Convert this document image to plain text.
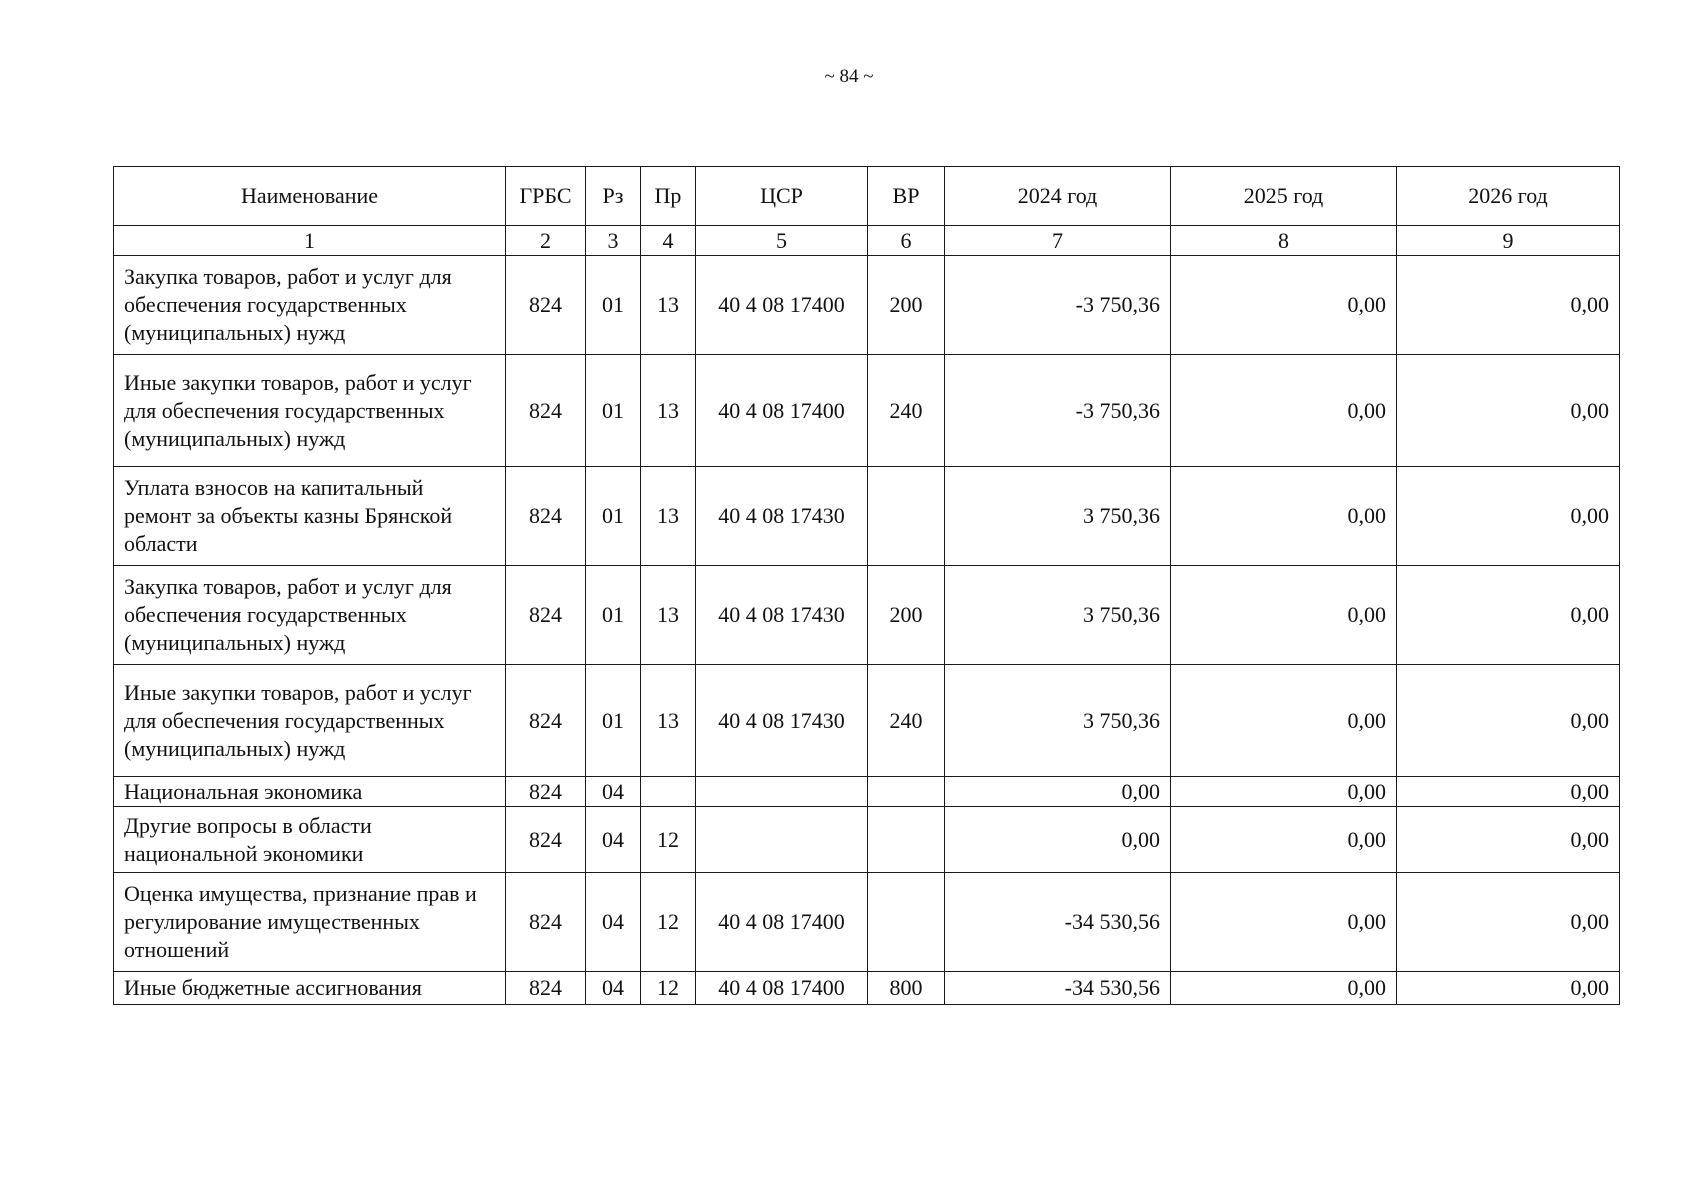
~ 84 ~
Наименование	ГРБС	Рз	Пр	ЦСР	ВР	2024 год	2025 год	2026 год
1	2	3	4	5	6	7	8	9
Закупка товаров, работ и услуг для обеспечения государственных (муниципальных) нужд	824	01	13	40 4 08 17400	200	-3 750,36	0,00	0,00
Иные закупки товаров, работ и услуг для обеспечения государственных (муниципальных) нужд	824	01	13	40 4 08 17400	240	-3 750,36	0,00	0,00
Уплата взносов на капитальный ремонт за объекты казны Брянской области	824	01	13	40 4 08 17430		3 750,36	0,00	0,00
Закупка товаров, работ и услуг для обеспечения государственных (муниципальных) нужд	824	01	13	40 4 08 17430	200	3 750,36	0,00	0,00
Иные закупки товаров, работ и услуг для обеспечения государственных (муниципальных) нужд	824	01	13	40 4 08 17430	240	3 750,36	0,00	0,00
Национальная экономика	824	04				0,00	0,00	0,00
Другие вопросы в области национальной экономики	824	04	12			0,00	0,00	0,00
Оценка имущества, признание прав и регулирование имущественных отношений	824	04	12	40 4 08 17400		-34 530,56	0,00	0,00
Иные бюджетные ассигнования	824	04	12	40 4 08 17400	800	-34 530,56	0,00	0,00
